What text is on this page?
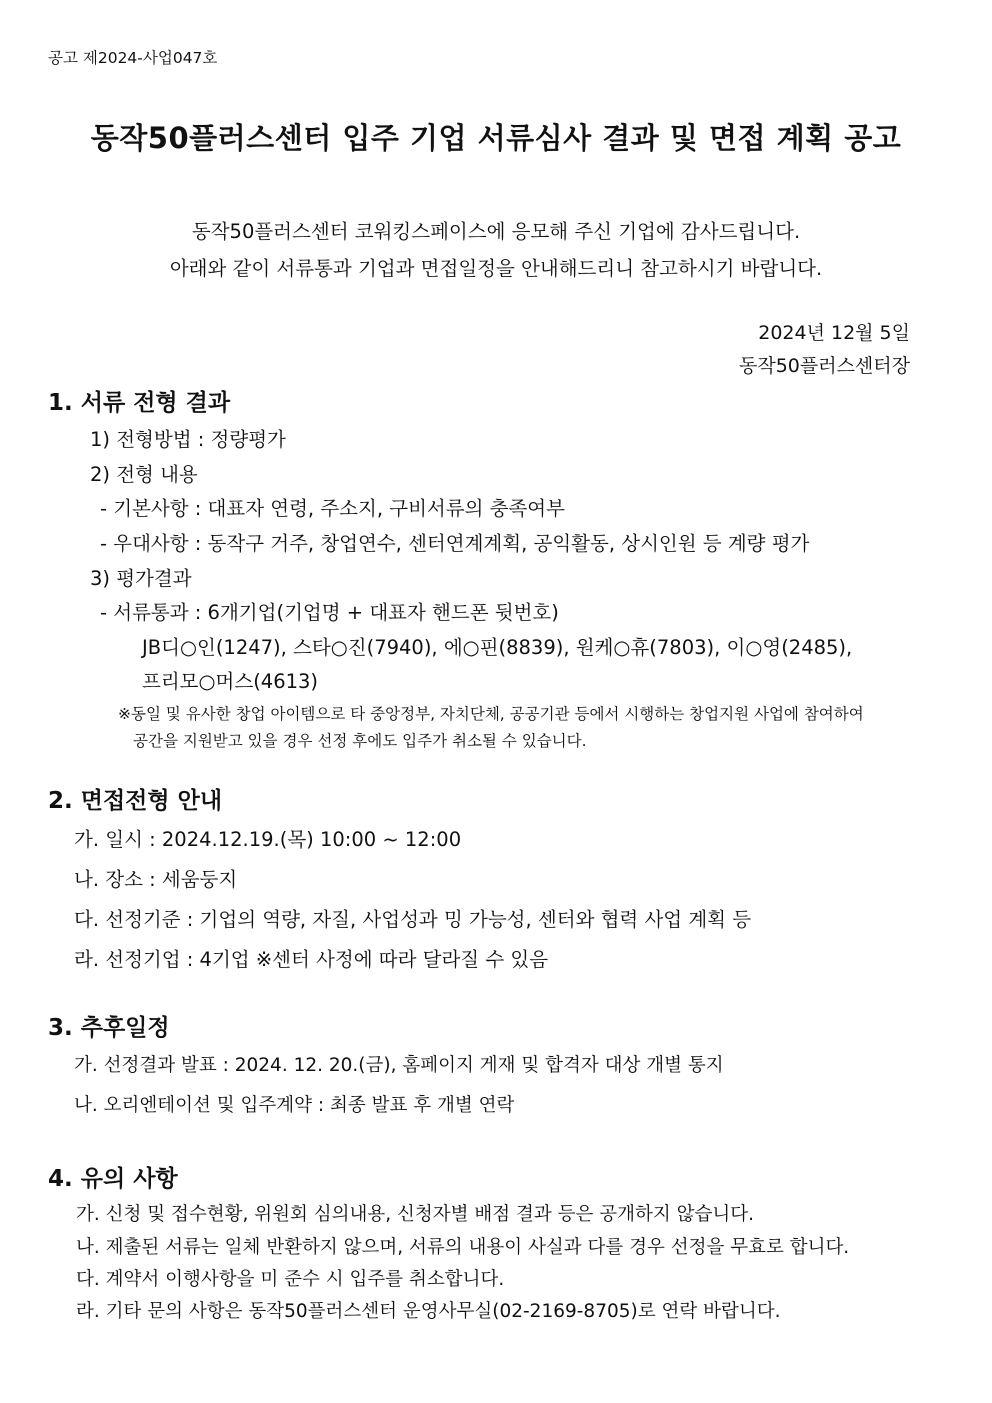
공고 제2024-사업047호
동작50플러스센터 입주 기업 서류심사 결과 및 면접 계획 공고
동작50플러스센터 코워킹스페이스에 응모해 주신 기업에 감사드립니다.
아래와 같이 서류통과 기업과 면접일정을 안내해드리니 참고하시기 바랍니다.
2024년 12월 5일
동작50플러스센터장
1. 서류 전형 결과
1) 전형방법 : 정량평가
2) 전형 내용
- 기본사항 : 대표자 연령, 주소지, 구비서류의 충족여부
- 우대사항 : 동작구 거주, 창업연수, 센터연계계획, 공익활동, 상시인원 등 계량 평가
3) 평가결과
- 서류통과 : 6개기업(기업명 + 대표자 핸드폰 뒷번호)
JB디○인(1247), 스타○진(7940), 에○핀(8839), 원케○휴(7803), 이○영(2485),
프리모○머스(4613)
※동일 및 유사한 창업 아이템으로 타 중앙정부, 자치단체, 공공기관 등에서 시행하는 창업지원 사업에 참여하여
공간을 지원받고 있을 경우 선정 후에도 입주가 취소될 수 있습니다.
2. 면접전형 안내
가. 일시 : 2024.12.19.(목) 10:00 ~ 12:00
나. 장소 : 세움둥지
다. 선정기준 : 기업의 역량, 자질, 사업성과 밍 가능성, 센터와 협력 사업 계획 등
라. 선정기업 : 4기업 ※센터 사정에 따라 달라질 수 있음
3. 추후일정
가. 선정결과 발표 : 2024. 12. 20.(금), 홈페이지 게재 및 합격자 대상 개별 통지
나. 오리엔테이션 및 입주계약 : 최종 발표 후 개별 연락
4. 유의 사항
가. 신청 및 접수현황, 위원회 심의내용, 신청자별 배점 결과 등은 공개하지 않습니다.
나. 제출된 서류는 일체 반환하지 않으며, 서류의 내용이 사실과 다를 경우 선정을 무효로 합니다.
다. 계약서 이행사항을 미 준수 시 입주를 취소합니다.
라. 기타 문의 사항은 동작50플러스센터 운영사무실(02-2169-8705)로 연락 바랍니다.
